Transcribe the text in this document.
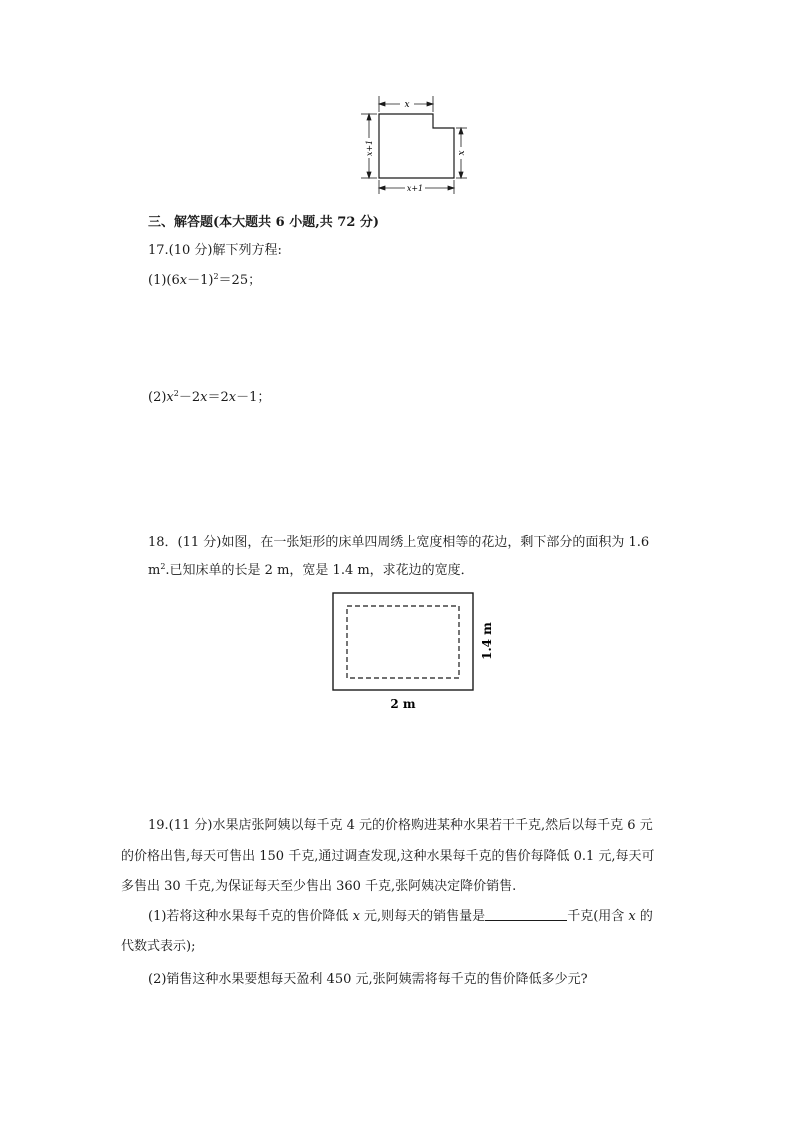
x
x+1	x
x+1
三、解答题(本大题共 6 小题,共 72 分)
17.(10 分)解下列方程:
$(1)(6x-1)^2=25$；
$(2)x^2-2x=2x-1$；
18．(11 分)如图，在一张矩形的床单四周绣上宽度相等的花边，剩下部分的面积为 1.6
$m^2$.已知床单的长是 2 m，宽是 1.4 m，求花边的宽度．
2 m
1.4 m
19.(11 分)水果店张阿姨以每千克 4 元的价格购进某种水果若干千克,然后以每千克 6 元
的价格出售,每天可售出 150 千克,通过调查发现,这种水果每千克的售价每降低 0.1 元,每天可
多售出 30 千克,为保证每天至少售出 360 千克,张阿姨决定降价销售.
(1)若将这种水果每千克的售价降低 x 元,则每天的销售量是	千克(用含 x 的
代数式表示);
(2)销售这种水果要想每天盈利 450 元,张阿姨需将每千克的售价降低多少元?
